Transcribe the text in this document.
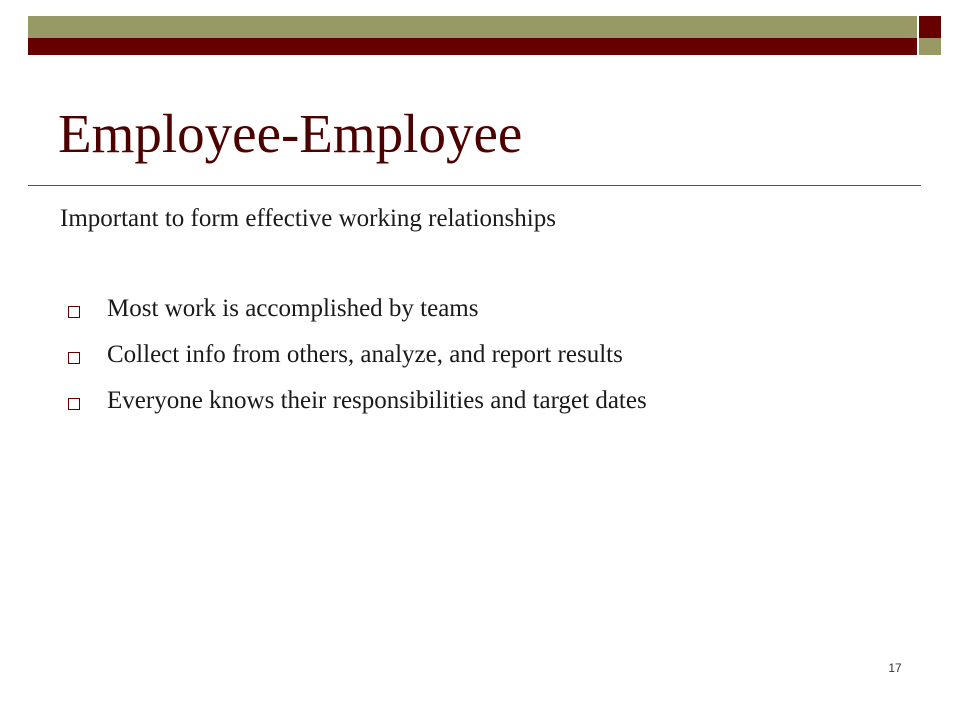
Employee-Employee
Important to form effective working relationships
Most work is accomplished by teams
Collect info from others, analyze, and report results
Everyone knows their responsibilities and target dates
17
